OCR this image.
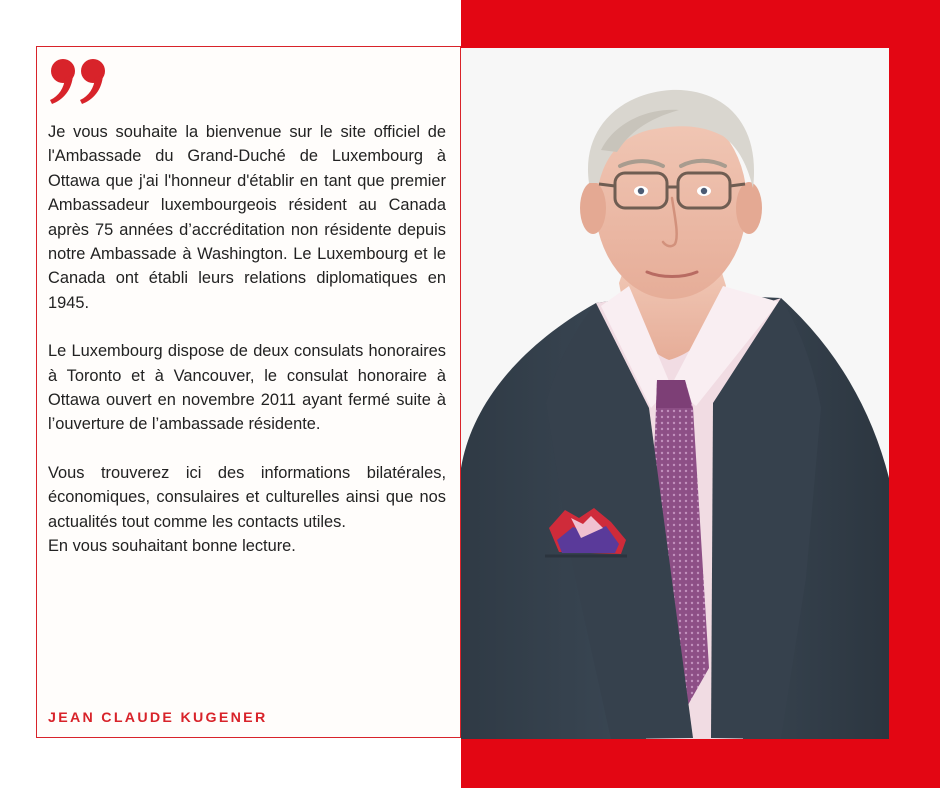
Je vous souhaite la bienvenue sur le site officiel de l'Ambassade du Grand-Duché de Luxembourg à Ottawa que j'ai l'honneur d'établir en tant que premier Ambassadeur luxembourgeois résident au Canada après 75 années d’accréditation non résidente depuis notre Ambassade à Washington. Le Luxembourg et le Canada ont établi leurs relations diplomatiques en 1945.

Le Luxembourg dispose de deux consulats honoraires à Toronto et à Vancouver, le consulat honoraire à Ottawa ouvert en novembre 2011 ayant fermé suite à l’ouverture de l’ambassade résidente.

Vous trouverez ici des informations bilatérales, économiques, consulaires et culturelles ainsi que nos actualités tout comme les contacts utiles.

En vous souhaitant bonne lecture.

JEAN CLAUDE KUGENER
